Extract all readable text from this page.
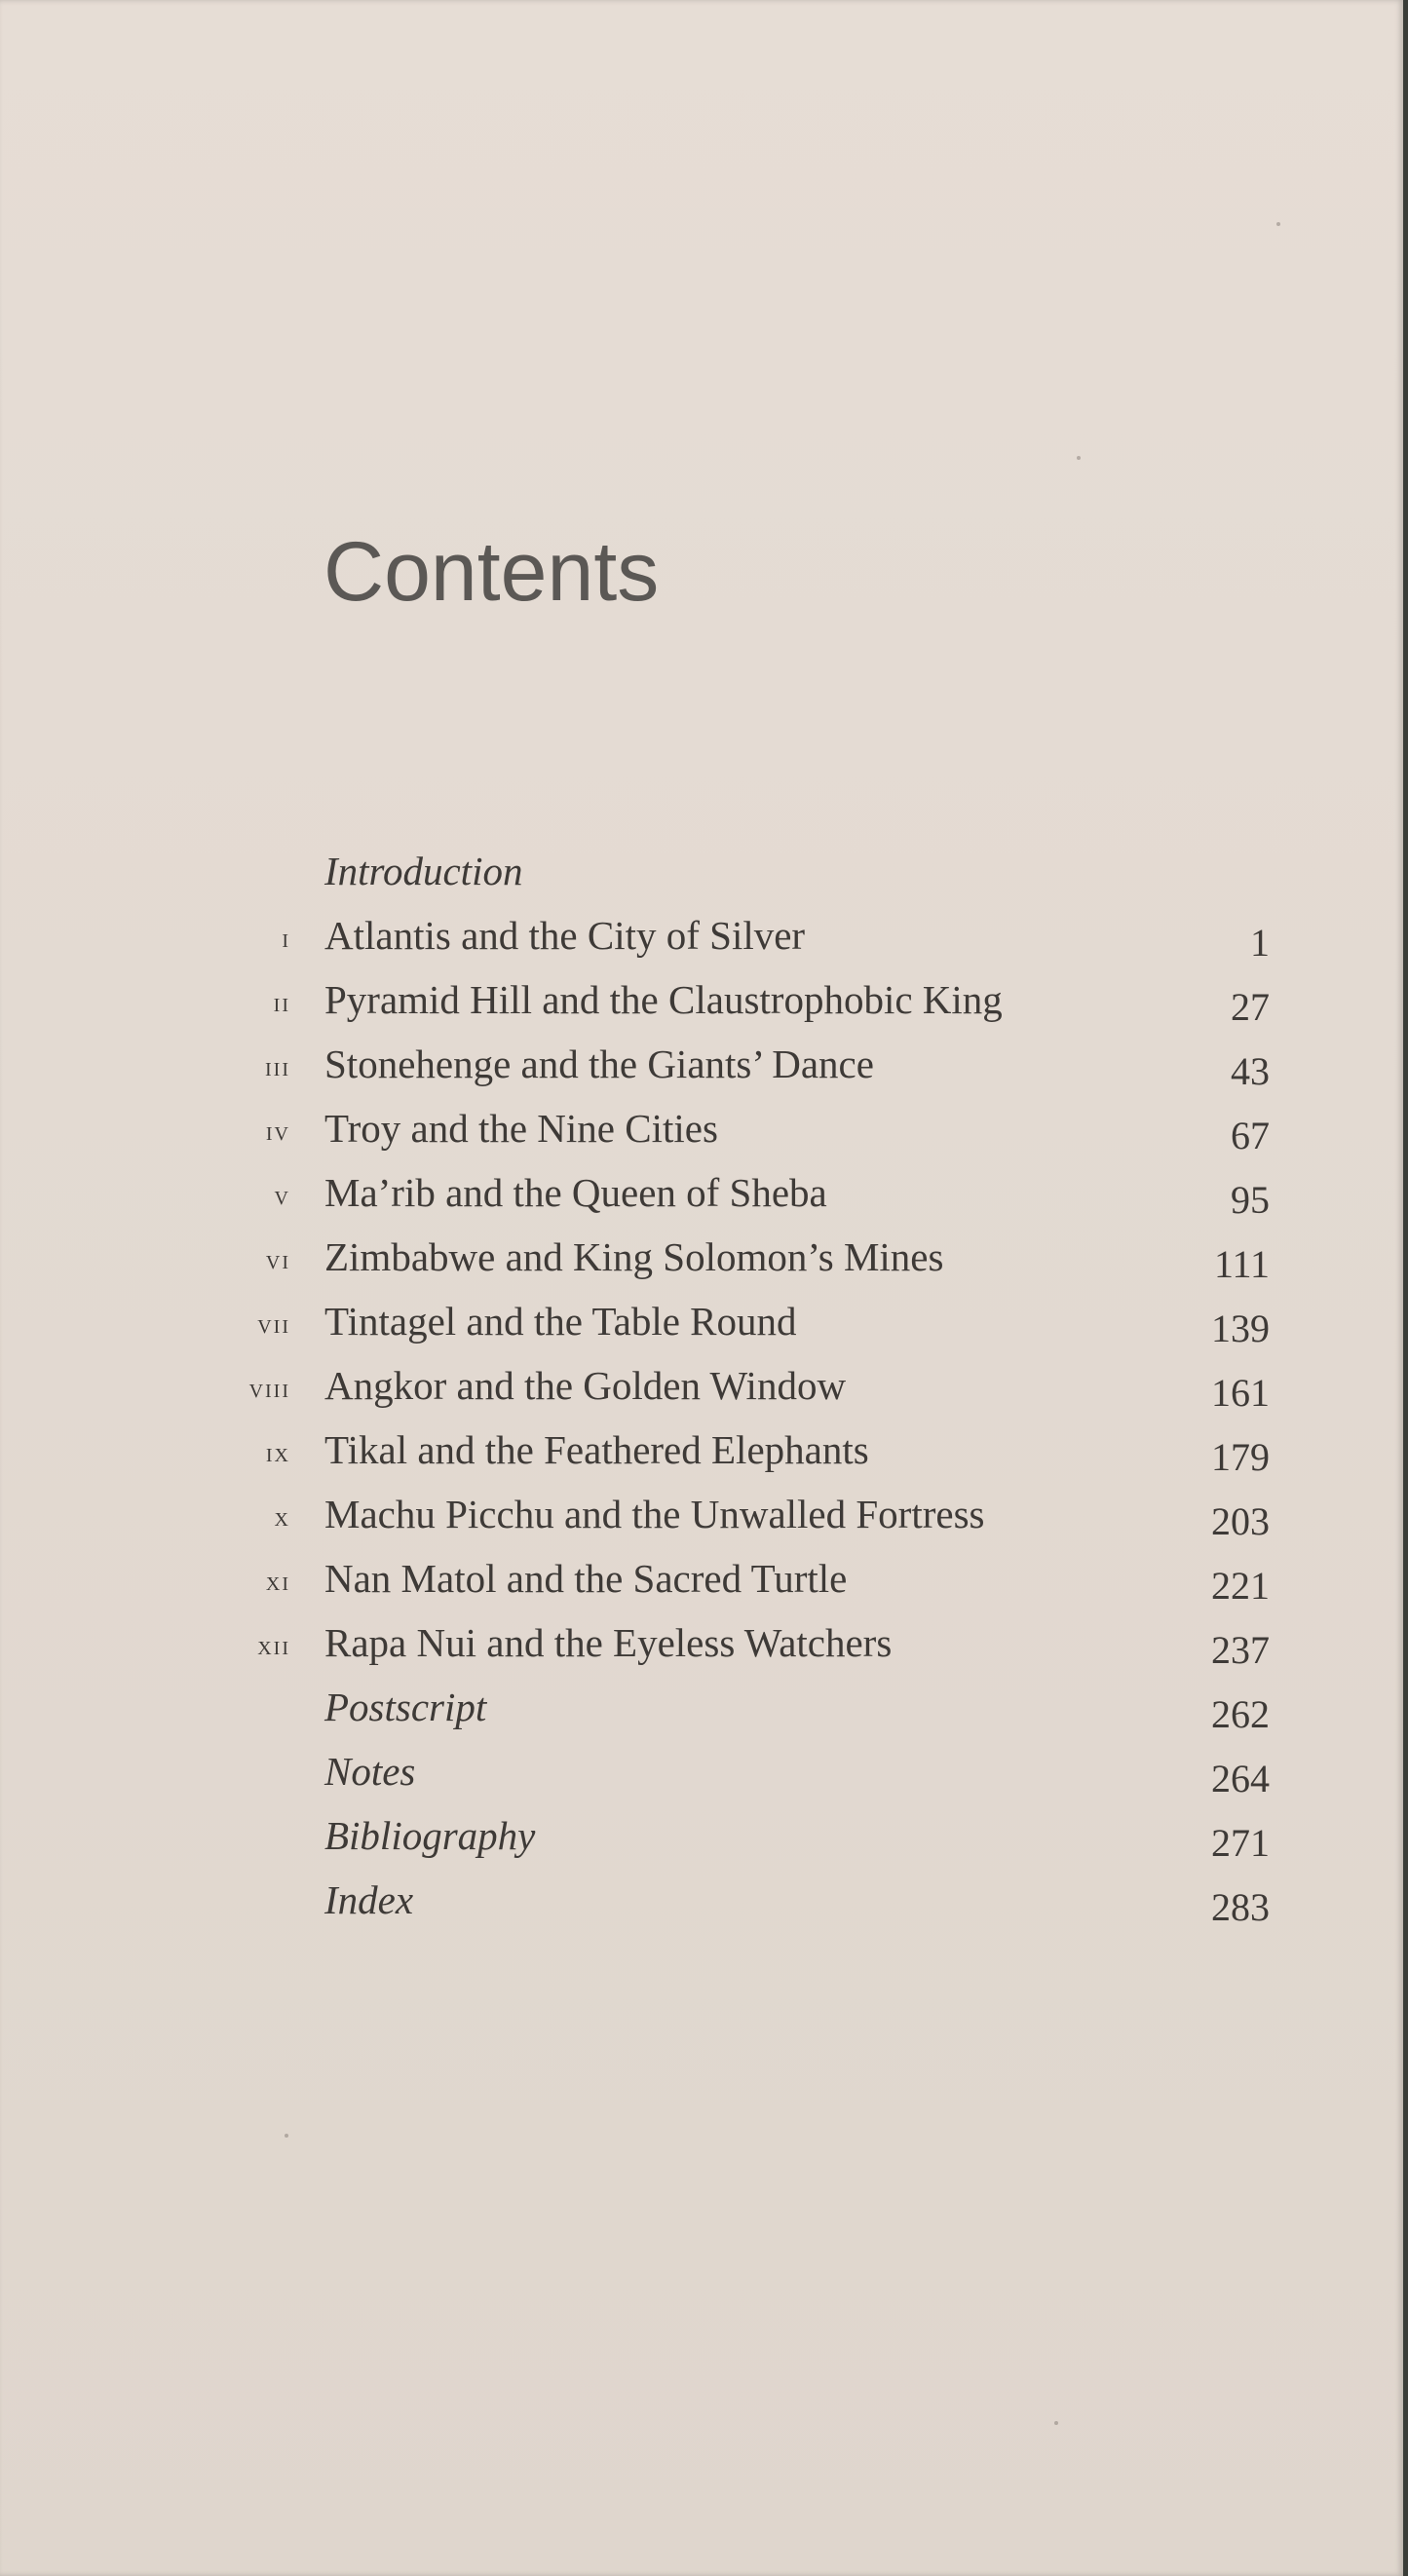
Contents
Introduction
i Atlantis and the City of Silver	1
ii Pyramid Hill and the Claustrophobic King	27
iii Stonehenge and the Giants’ Dance	43
iv Troy and the Nine Cities	67
v Ma’rib and the Queen of Sheba	95
vi Zimbabwe and King Solomon’s Mines	111
vii Tintagel and the Table Round	139
viii Angkor and the Golden Window	161
ix Tikal and the Feathered Elephants	179
x Machu Picchu and the Unwalled Fortress	203
xi Nan Matol and the Sacred Turtle	221
xii Rapa Nui and the Eyeless Watchers	237
Postscript	262
Notes	264
Bibliography	271
Index	283
